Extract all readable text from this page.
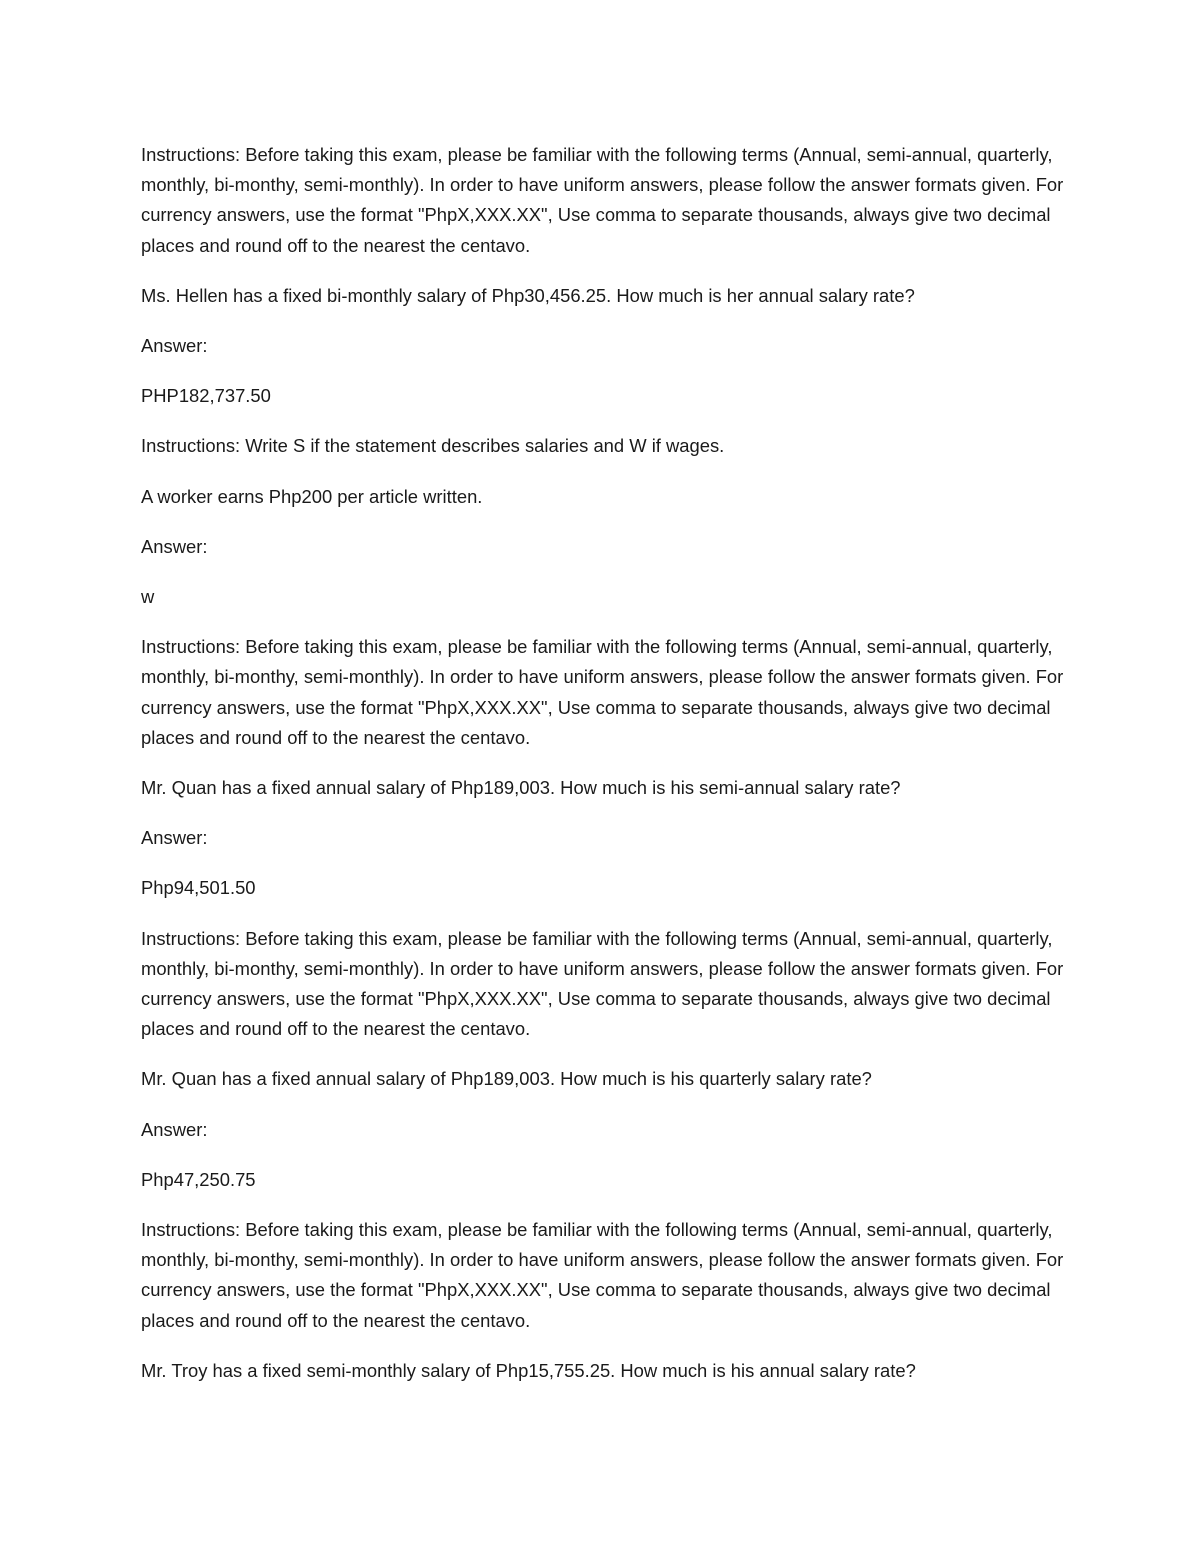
Instructions: Before taking this exam, please be familiar with the following terms (Annual, semi-annual, quarterly, monthly, bi-monthy, semi-monthly). In order to have uniform answers, please follow the answer formats given. For currency answers, use the format "PhpX,XXX.XX", Use comma to separate thousands, always give two decimal places and round off to the nearest the centavo.

Ms. Hellen has a fixed bi-monthly salary of Php30,456.25. How much is her annual salary rate?

Answer:

PHP182,737.50

Instructions: Write S if the statement describes salaries and W if wages.

A worker earns Php200 per article written.

Answer:

w

Instructions: Before taking this exam, please be familiar with the following terms (Annual, semi-annual, quarterly, monthly, bi-monthy, semi-monthly). In order to have uniform answers, please follow the answer formats given. For currency answers, use the format "PhpX,XXX.XX", Use comma to separate thousands, always give two decimal places and round off to the nearest the centavo.

Mr. Quan has a fixed annual salary of Php189,003. How much is his semi-annual salary rate?

Answer:

Php94,501.50

Instructions: Before taking this exam, please be familiar with the following terms (Annual, semi-annual, quarterly, monthly, bi-monthy, semi-monthly). In order to have uniform answers, please follow the answer formats given. For currency answers, use the format "PhpX,XXX.XX", Use comma to separate thousands, always give two decimal places and round off to the nearest the centavo.

Mr. Quan has a fixed annual salary of Php189,003. How much is his quarterly salary rate?

Answer:

Php47,250.75

Instructions: Before taking this exam, please be familiar with the following terms (Annual, semi-annual, quarterly, monthly, bi-monthy, semi-monthly). In order to have uniform answers, please follow the answer formats given. For currency answers, use the format "PhpX,XXX.XX", Use comma to separate thousands, always give two decimal places and round off to the nearest the centavo.

Mr. Troy has a fixed semi-monthly salary of Php15,755.25. How much is his annual salary rate?
